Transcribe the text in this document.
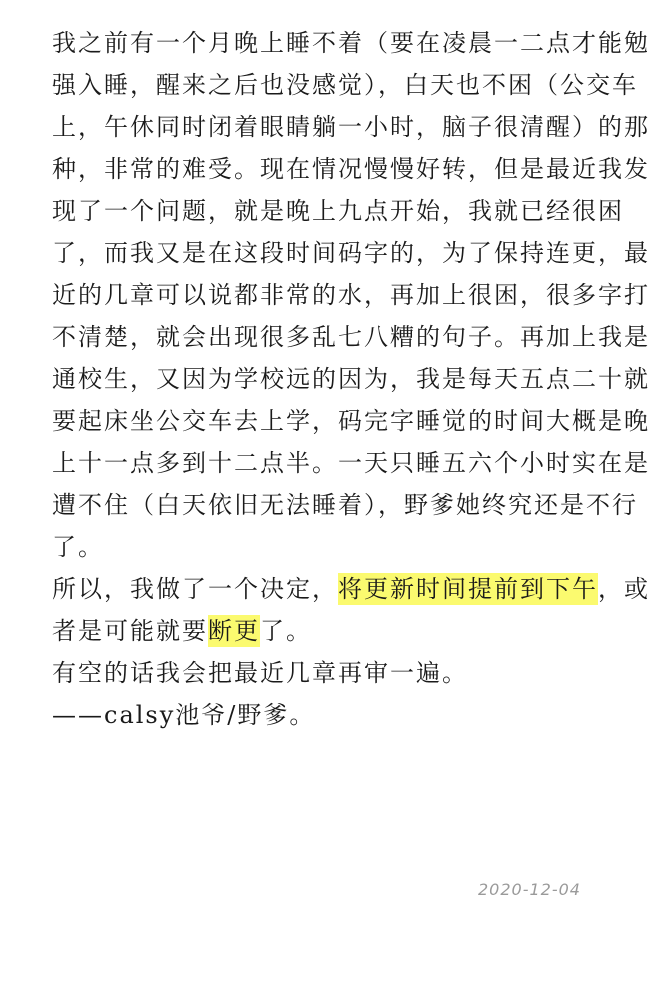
我之前有一个月晚上睡不着（要在凌晨一二点才能勉
强入睡，醒来之后也没感觉），白天也不困（公交车
上，午休同时闭着眼睛躺一小时，脑子很清醒）的那
种，非常的难受。现在情况慢慢好转，但是最近我发
现了一个问题，就是晚上九点开始，我就已经很困
了，而我又是在这段时间码字的，为了保持连更，最
近的几章可以说都非常的水，再加上很困，很多字打
不清楚，就会出现很多乱七八糟的句子。再加上我是
通校生，又因为学校远的因为，我是每天五点二十就
要起床坐公交车去上学，码完字睡觉的时间大概是晚
上十一点多到十二点半。一天只睡五六个小时实在是
遭不住（白天依旧无法睡着），野爹她终究还是不行
了。
所以，我做了一个决定，将更新时间提前到下午，或
者是可能就要断更了。
有空的话我会把最近几章再审一遍。
——calsy池爷/野爹。
2020-12-04
